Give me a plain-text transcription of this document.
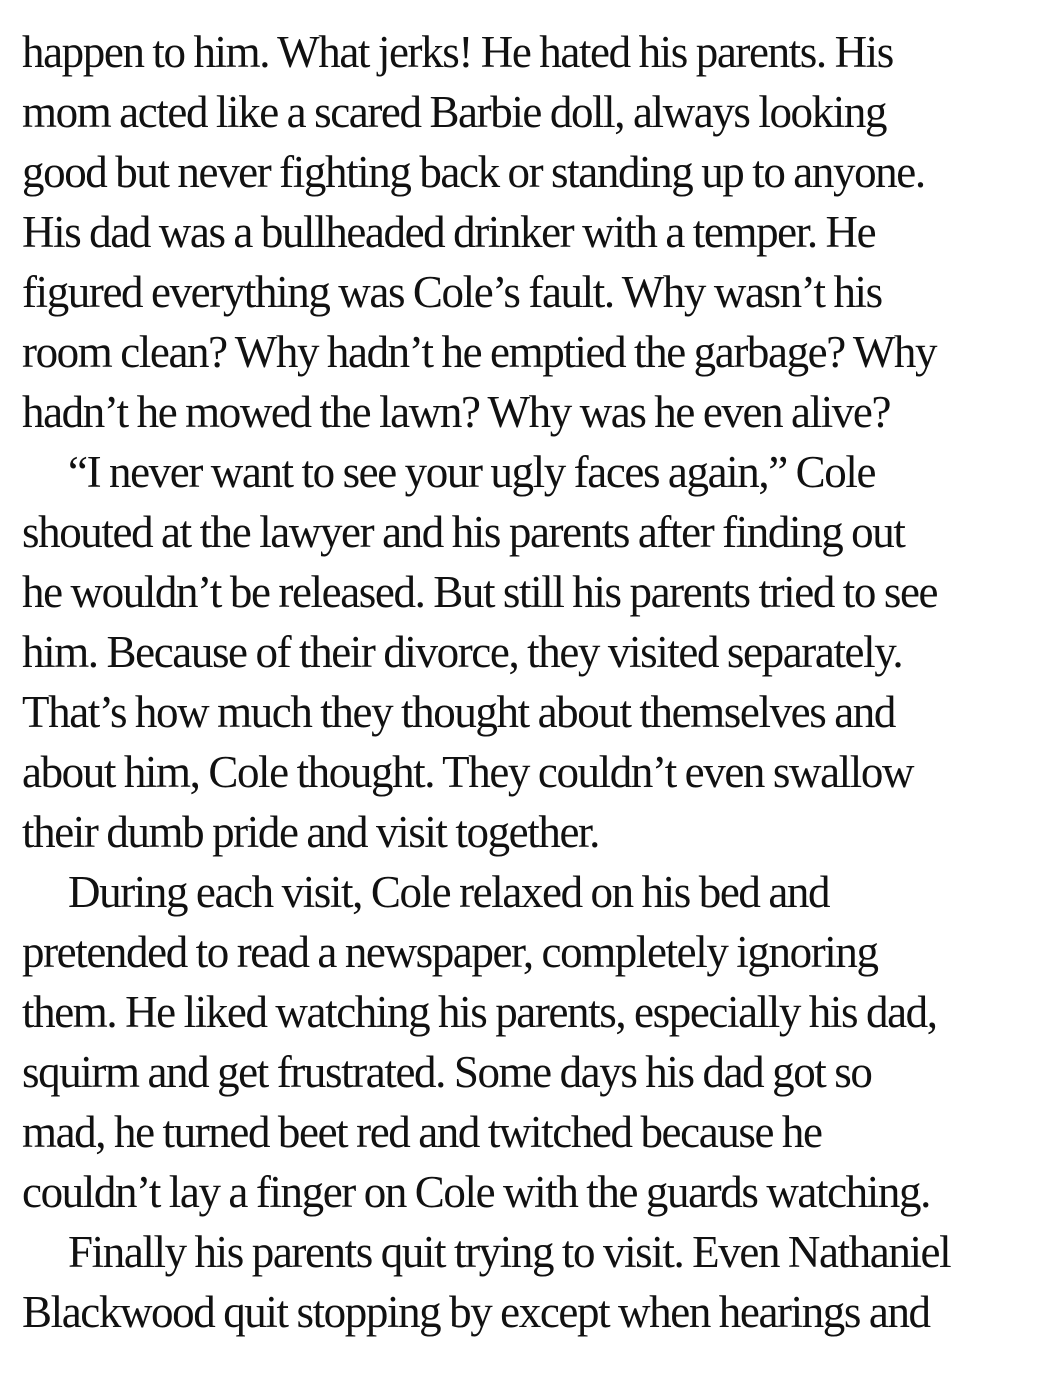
happen to him. What jerks! He hated his parents. His
mom acted like a scared Barbie doll, always looking
good but never fighting back or standing up to anyone.
His dad was a bullheaded drinker with a temper. He
figured everything was Cole’s fault. Why wasn’t his
room clean? Why hadn’t he emptied the garbage? Why
hadn’t he mowed the lawn? Why was he even alive?
“I never want to see your ugly faces again,” Cole
shouted at the lawyer and his parents after finding out
he wouldn’t be released. But still his parents tried to see
him. Because of their divorce, they visited separately.
That’s how much they thought about themselves and
about him, Cole thought. They couldn’t even swallow
their dumb pride and visit together.
During each visit, Cole relaxed on his bed and
pretended to read a newspaper, completely ignoring
them. He liked watching his parents, especially his dad,
squirm and get frustrated. Some days his dad got so
mad, he turned beet red and twitched because he
couldn’t lay a finger on Cole with the guards watching.
Finally his parents quit trying to visit. Even Nathaniel
Blackwood quit stopping by except when hearings and
